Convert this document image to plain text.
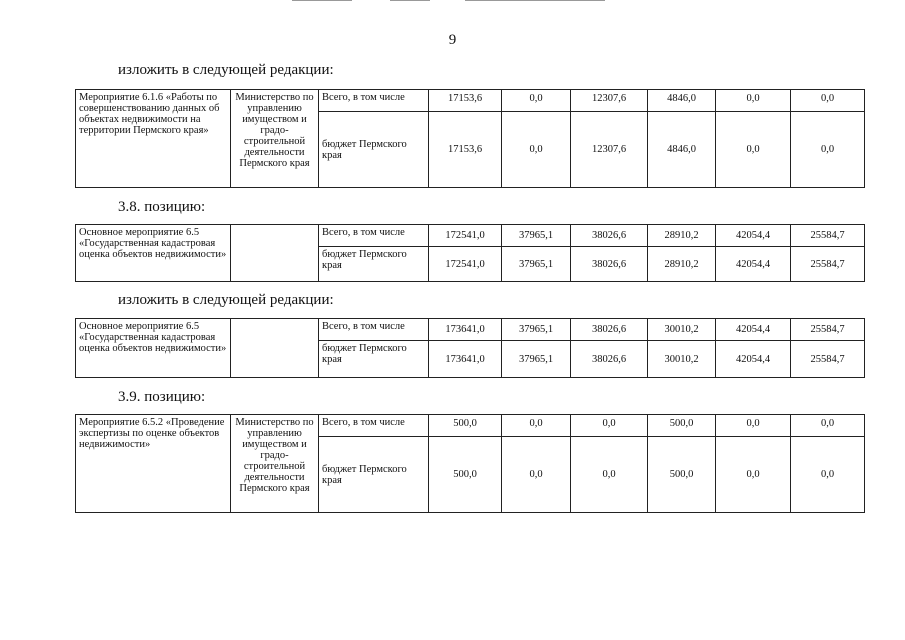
9
изложить в следующей редакции:
Мероприятие 6.1.6 «Работы по совершенствованию данных об объектах недвижимости на территории Пермского края»	Министерство по управлению имуществом и градо-строительной деятельности Пермского края	Всего, в том числе	17153,6	0,0	12307,6	4846,0	0,0	0,0
		бюджет Пермского края	17153,6	0,0	12307,6	4846,0	0,0	0,0
3.8. позицию:
Основное мероприятие 6.5 «Государственная кадастровая оценка объектов недвижимости»		Всего, в том числе	172541,0	37965,1	38026,6	28910,2	42054,4	25584,7
		бюджет Пермского края	172541,0	37965,1	38026,6	28910,2	42054,4	25584,7
изложить в следующей редакции:
Основное мероприятие 6.5 «Государственная кадастровая оценка объектов недвижимости»		Всего, в том числе	173641,0	37965,1	38026,6	30010,2	42054,4	25584,7
		бюджет Пермского края	173641,0	37965,1	38026,6	30010,2	42054,4	25584,7
3.9. позицию:
Мероприятие 6.5.2 «Проведение экспертизы по оценке объектов недвижимости»	Министерство по управлению имуществом и градо-строительной деятельности Пермского края	Всего, в том числе	500,0	0,0	0,0	500,0	0,0	0,0
		бюджет Пермского края	500,0	0,0	0,0	500,0	0,0	0,0
